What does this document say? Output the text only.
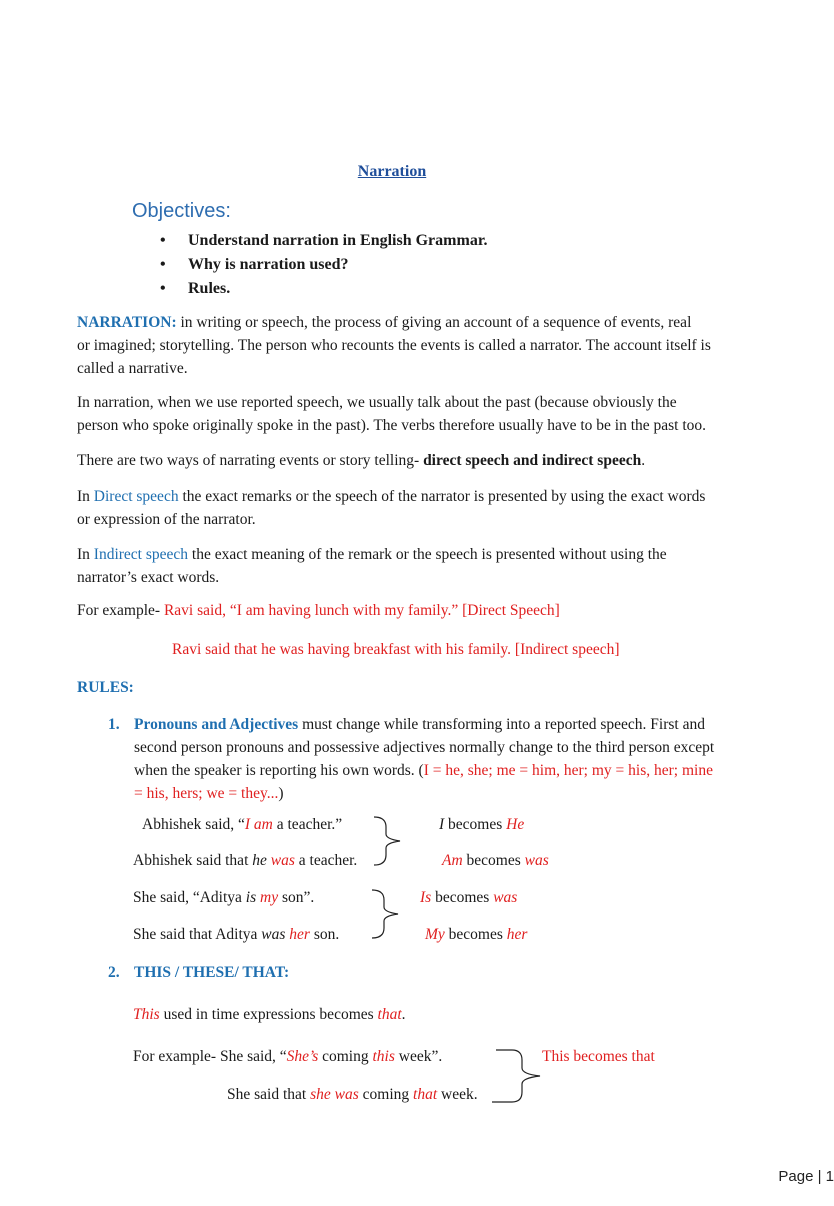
Narration
Objectives:
• Understand narration in English Grammar.
• Why is narration used?
• Rules.
NARRATION: in writing or speech, the process of giving an account of a sequence of events, real
or imagined; storytelling. The person who recounts the events is called a narrator. The account itself is
called a narrative.
In narration, when we use reported speech, we usually talk about the past (because obviously the
person who spoke originally spoke in the past). The verbs therefore usually have to be in the past too.
There are two ways of narrating events or story telling- direct speech and indirect speech.
In Direct speech the exact remarks or the speech of the narrator is presented by using the exact words
or expression of the narrator.
In Indirect speech the exact meaning of the remark or the speech is presented without using the
narrator’s exact words.
For example- Ravi said, “I am having lunch with my family.” [Direct Speech]
Ravi said that he was having breakfast with his family. [Indirect speech]
RULES:
1. Pronouns and Adjectives must change while transforming into a reported speech. First and
second person pronouns and possessive adjectives normally change to the third person except
when the speaker is reporting his own words. (I = he, she; me = him, her; my = his, her; mine
= his, hers; we = they...)
Abhishek said, “I am a teacher.”
Abhishek said that he was a teacher.
I becomes He
Am becomes was
She said, “Aditya is my son”.
She said that Aditya was her son.
Is becomes was
My becomes her
2. THIS / THESE/ THAT:
This used in time expressions becomes that.
For example- She said, “She’s coming this week”.
She said that she was coming that week.
This becomes that
Page | 1
